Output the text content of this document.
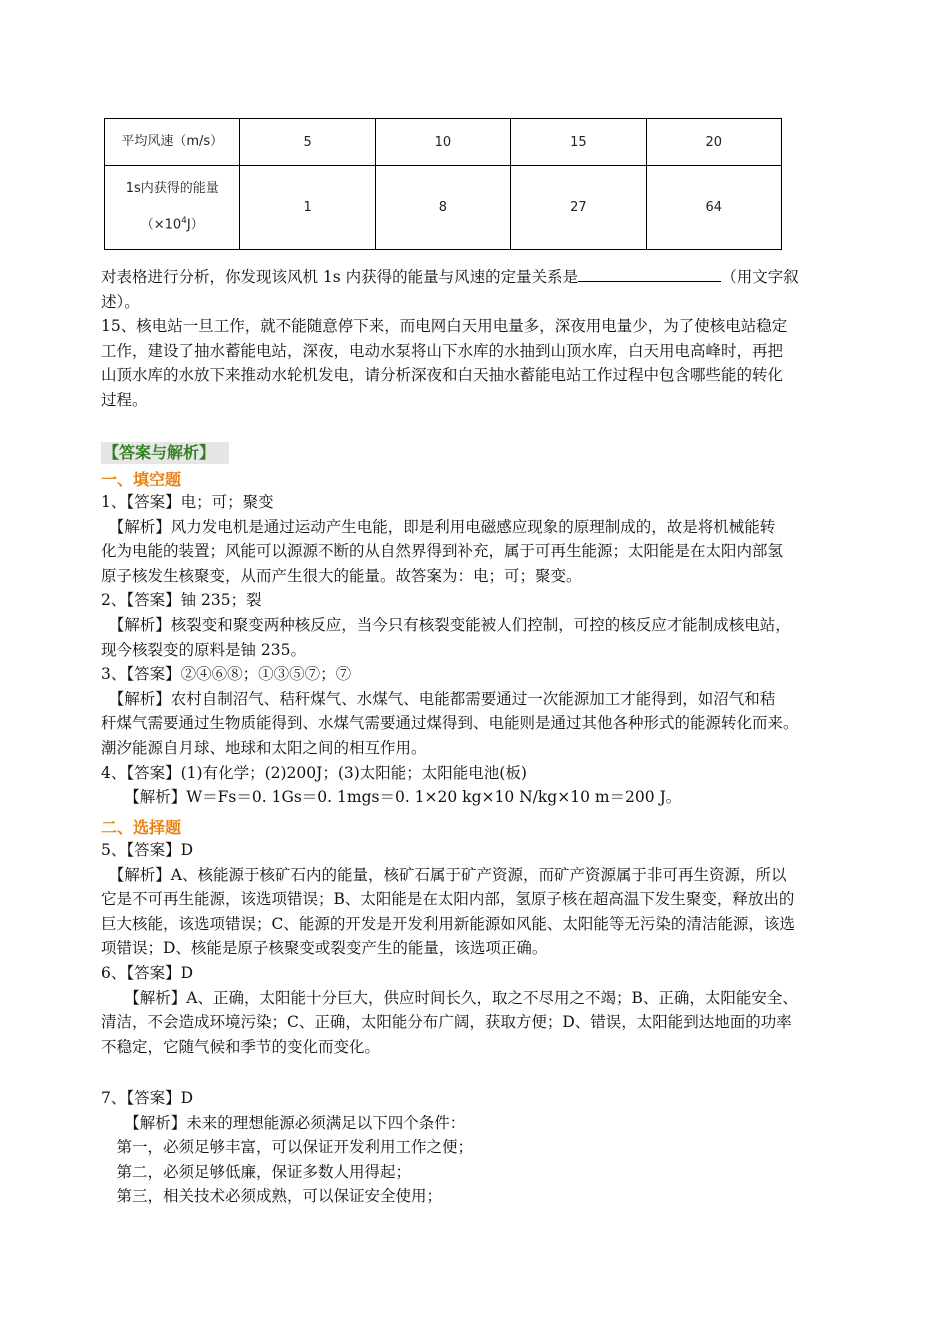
平均风速（m/s）	5	10	15	20

1s内获得的能量
$(\times 10^4J)$	1	8	27	64

对表格进行分析，你发现该风机 1s 内获得的能量与风速的定量关系是	（用文字叙

述）。

15、核电站一旦工作，就不能随意停下来，而电网白天用电量多，深夜用电量少，为了使核电站稳定

工作，建设了抽水蓄能电站，深夜，电动水泵将山下水库的水抽到山顶水库，白天用电高峰时，再把

山顶水库的水放下来推动水轮机发电，请分析深夜和白天抽水蓄能电站工作过程中包含哪些能的转化

过程。

【答案与解析】
一、填空题

1、【答案】电；可；聚变

　【解析】风力发电机是通过运动产生电能，即是利用电磁感应现象的原理制成的，故是将机械能转

化为电能的装置；风能可以源源不断的从自然界得到补充，属于可再生能源；太阳能是在太阳内部氢

原子核发生核聚变，从而产生很大的能量。故答案为：电；可；聚变。

2、【答案】铀 235；裂

　【解析】核裂变和聚变两种核反应，当今只有核裂变能被人们控制，可控的核反应才能制成核电站，

现今核裂变的原料是铀 235。

3、【答案】②④⑥⑧；①③⑤⑦；⑦

　【解析】农村自制沼气、秸秆煤气、水煤气、电能都需要通过一次能源加工才能得到，如沼气和秸

秆煤气需要通过生物质能得到、水煤气需要通过煤得到、电能则是通过其他各种形式的能源转化而来。

潮汐能源自月球、地球和太阳之间的相互作用。

4、【答案】(1)有化学；(2)200J；(3)太阳能；太阳能电池(板)

　　【解析】W＝Fs＝0. 1Gs＝0. 1mgs＝0. 1×20 kg×10 N/kg×10 m＝200 J。

二、选择题

5、【答案】D

　【解析】A、核能源于核矿石内的能量，核矿石属于矿产资源，而矿产资源属于非可再生资源，所以

它是不可再生能源，该选项错误；B、太阳能是在太阳内部，氢原子核在超高温下发生聚变，释放出的

巨大核能，该选项错误；C、能源的开发是开发利用新能源如风能、太阳能等无污染的清洁能源，该选

项错误；D、核能是原子核聚变或裂变产生的能量，该选项正确。

6、【答案】D

　　【解析】A、正确，太阳能十分巨大，供应时间长久，取之不尽用之不竭；B、正确，太阳能安全、

清洁，不会造成环境污染；C、正确，太阳能分布广阔，获取方便；D、错误，太阳能到达地面的功率

不稳定，它随气候和季节的变化而变化。

7、【答案】D

　　【解析】未来的理想能源必须满足以下四个条件：

　第一，必须足够丰富，可以保证开发利用工作之便；

　第二，必须足够低廉，保证多数人用得起；

　第三，相关技术必须成熟，可以保证安全使用；
